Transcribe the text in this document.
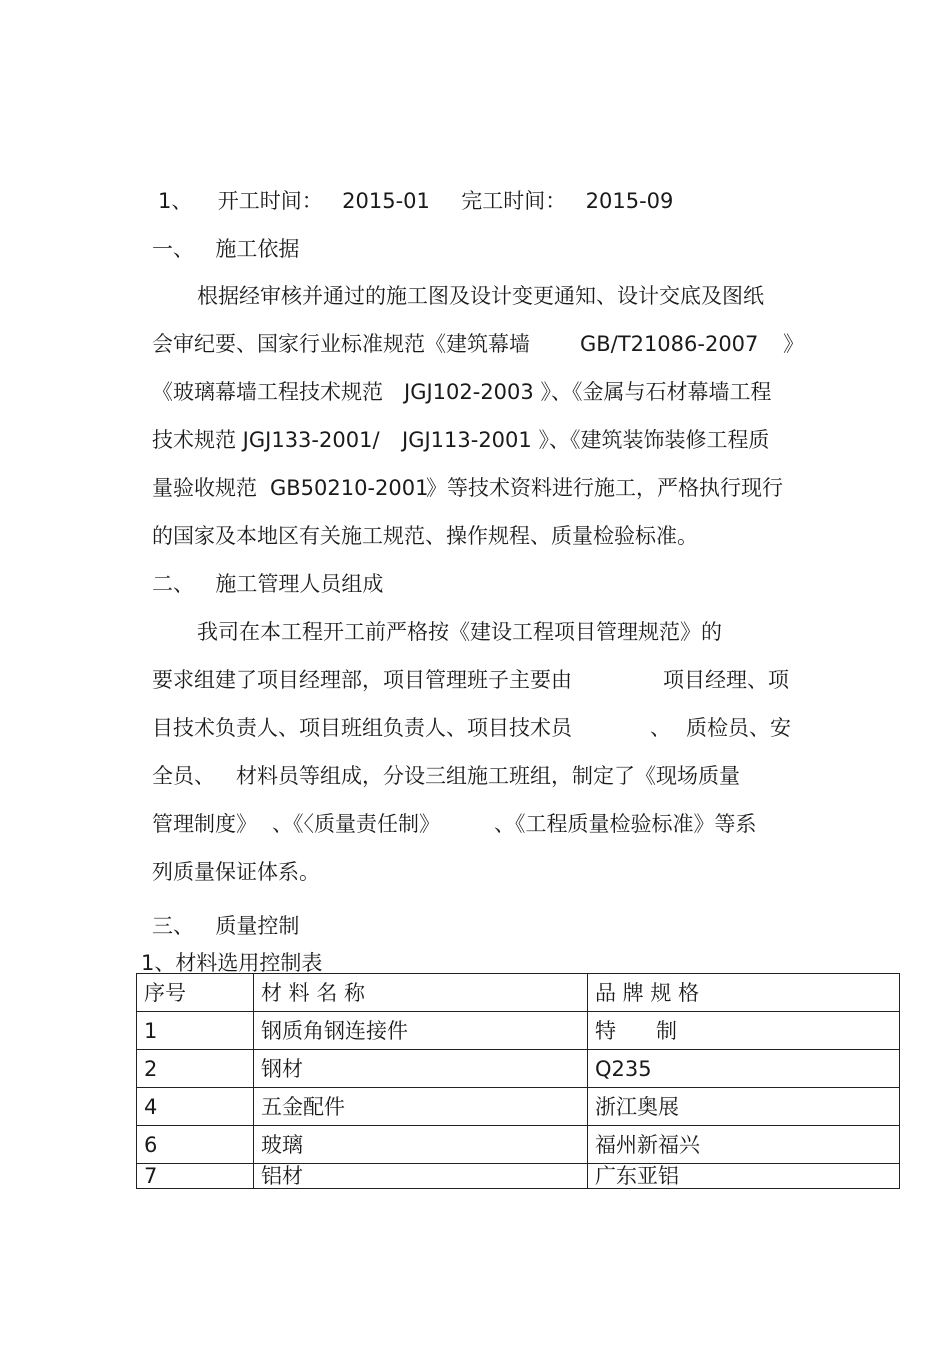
1、 开工时间： 2015-01 完工时间： 2015-09
一、 施工依据
根据经审核并通过的施工图及设计变更通知、设计交底及图纸
会审纪要、国家行业标准规范《建筑幕墙 GB/T21086-2007 》
《玻璃幕墙工程技术规范 JGJ102-2003 》、《金属与石材幕墙工程
技术规范 JGJ133-2001/ JGJ113-2001 》、《建筑装饰装修工程质
量验收规范 GB50210-2001
》等技术资料进行施工，严格执行现行
的国家及本地区有关施工规范、操作规程、质量检验标准。
二、 施工管理人员组成
我司在本工程开工前严格按《建设工程项目管理规范》的
要求组建了项目经理部，项目管理班子主要由	项目经理、项
目技术负责人、项目班组负责人、项目技术员	、 质检员、安
全员、 材料员等组成，分设三组施工班组，制定了《现场质量
管理制度》 、《〈质量责任制》	、《工程质量检验标准》等系
列质量保证体系。
三、 质量控制
1、材料选用控制表
序号	材 料 名 称	品 牌 规 格
1	钢质角钢连接件	特      制
2	钢材	Q235
4	五金配件	浙江奥展
6	玻璃	福州新福兴
7	铝材	广东亚铝
